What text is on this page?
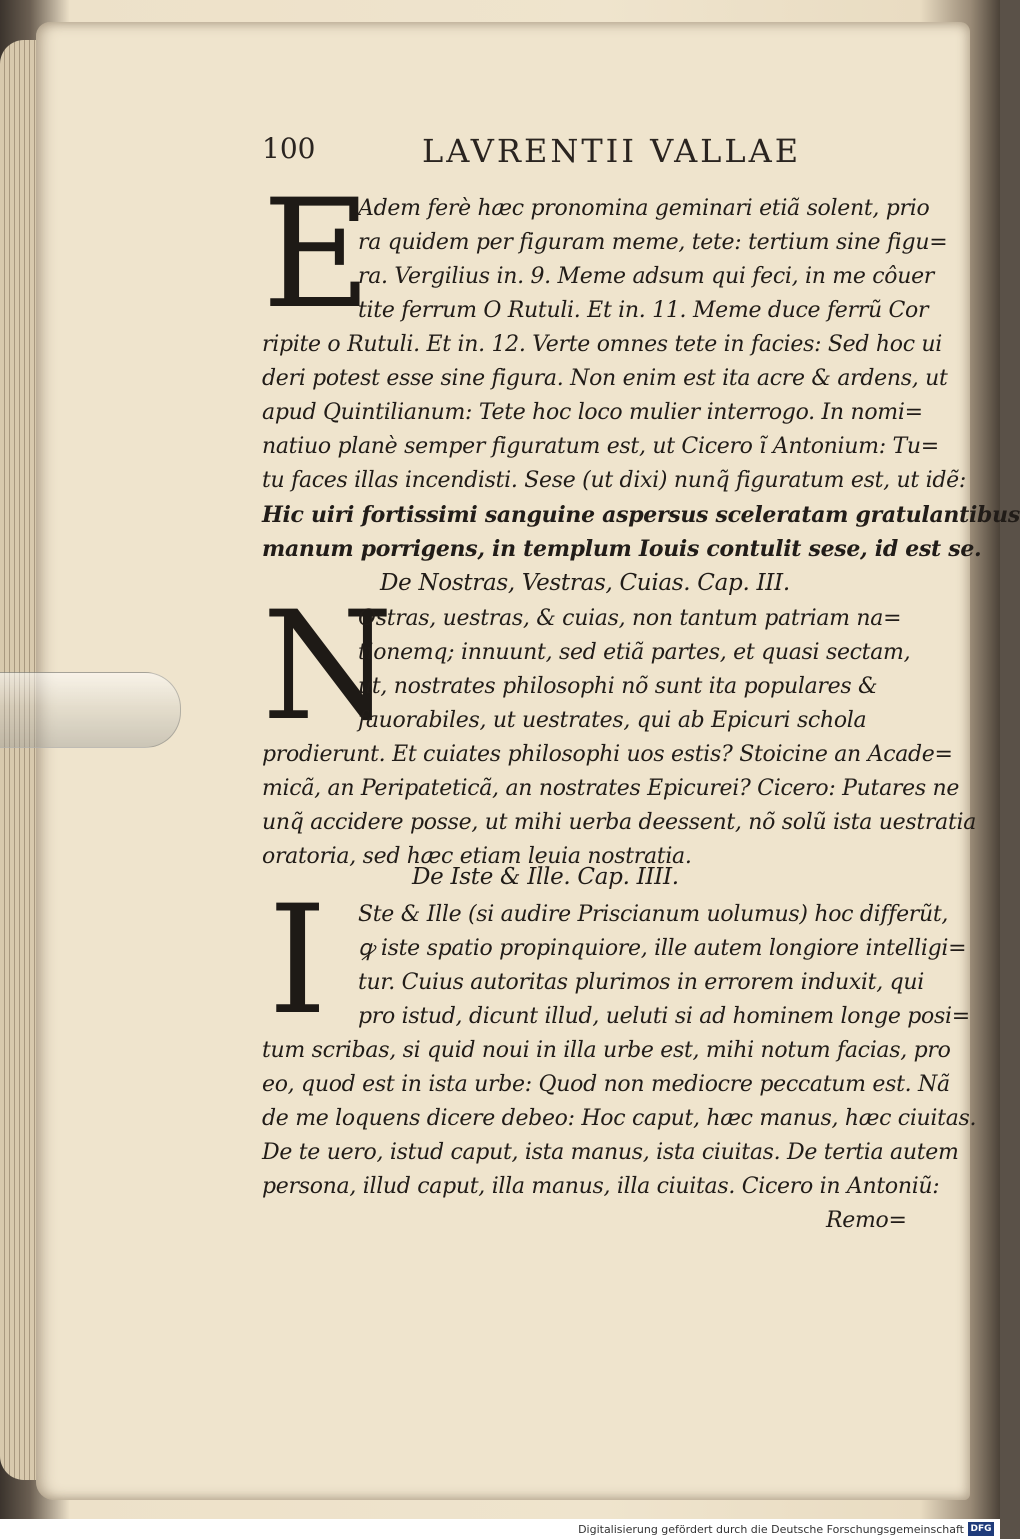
100	LAVRENTII VALLAE
E
Adem ferè hæc pronomina geminari etiã solent, prio
ra quidem per figuram meme, tete: tertium sine figu=
ra. Vergilius in. 9. Meme adsum qui feci, in me côuer
tite ferrum O Rutuli. Et in. 11. Meme duce ferrũ Cor
ripite o Rutuli. Et in. 12. Verte omnes tete in facies: Sed hoc ui
deri potest esse sine figura. Non enim est ita acre & ardens, ut
apud Quintilianum: Tete hoc loco mulier interrogo. In nomi=
natiuo planè semper figuratum est, ut Cicero ĩ Antonium: Tu=
tu faces illas incendisti. Sese (ut dixi) nunq̃ figuratum est, ut idẽ:
Hic uiri fortissimi sanguine aspersus sceleratam gratulantibus
manum porrigens, in templum Iouis contulit sese, id est se.
De Nostras, Vestras, Cuias. Cap. III.
N
Ostras, uestras, & cuias, non tantum patriam na=
tionemq; innuunt, sed etiã partes, et quasi sectam,
ut, nostrates philosophi nõ sunt ita populares &
fauorabiles, ut uestrates, qui ab Epicuri schola
prodierunt. Et cuiates philosophi uos estis? Stoicine an Acade=
micã, an Peripateticã, an nostrates Epicurei? Cicero: Putares ne
unq̃ accidere posse, ut mihi uerba deessent, nõ solũ ista uestratia
oratoria, sed hæc etiam leuia nostratia.
De Iste & Ille. Cap. IIII.
I Ste & Ille (si audire Priscianum uolumus) hoc differũt,
ꝙ iste spatio propinquiore, ille autem longiore intelligi=
tur. Cuius autoritas plurimos in errorem induxit, qui
pro istud, dicunt illud, ueluti si ad hominem longe posi=
tum scribas, si quid noui in illa urbe est, mihi notum facias, pro
eo, quod est in ista urbe: Quod non mediocre peccatum est. Nã
de me loquens dicere debeo: Hoc caput, hæc manus, hæc ciuitas.
De te uero, istud caput, ista manus, ista ciuitas. De tertia autem
persona, illud caput, illa manus, illa ciuitas. Cicero in Antoniũ:
Remo=
Digitalisierung gefördert durch die Deutsche Forschungsgemeinschaft DFG
